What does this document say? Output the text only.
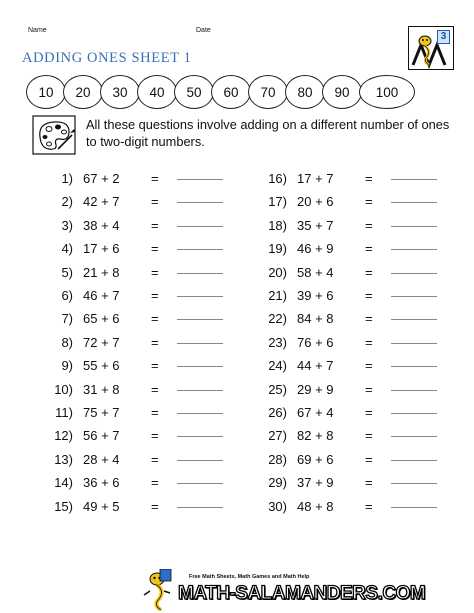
Name	Date
3
ADDING ONES SHEET 1
10	20	30	40	50	60	70	80	90	100
All these questions involve adding on a different number of ones to two-digit numbers.
1) 67 + 2 =
2) 42 + 7 =
3) 38 + 4 =
4) 17 + 6 =
5) 21 + 8 =
6) 46 + 7 =
7) 65 + 6 =
8) 72 + 7 =
9) 55 + 6 =
10) 31 + 8 =
11) 75 + 7 =
12) 56 + 7 =
13) 28 + 4 =
14) 36 + 6 =
15) 49 + 5 =
16) 17 + 7 =
17) 20 + 6 =
18) 35 + 7 =
19) 46 + 9 =
20) 58 + 4 =
21) 39 + 6 =
22) 84 + 8 =
23) 76 + 6 =
24) 44 + 7 =
25) 29 + 9 =
26) 67 + 4 =
27) 82 + 8 =
28) 69 + 6 =
29) 37 + 9 =
30) 48 + 8 =
Free Math Sheets, Math Games and Math Help
MATH-SALAMANDERS.COM
